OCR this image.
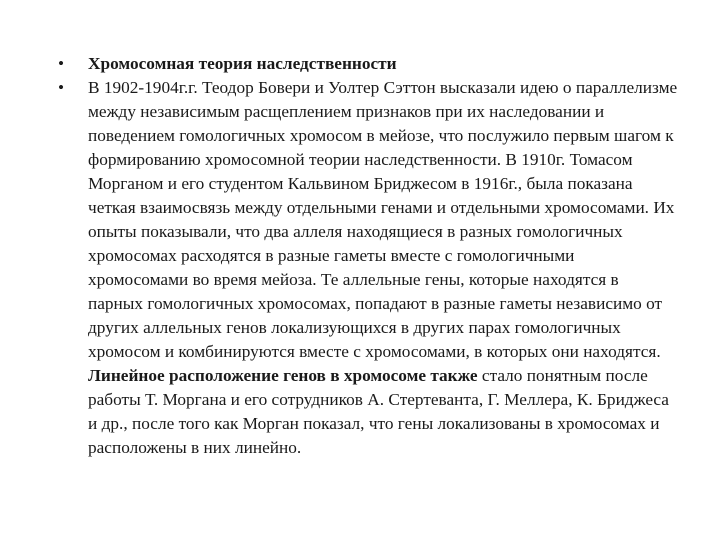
•	Хромосомная теория наследственности
•	В 1902-1904г.г. Теодор Бовери и Уолтер Сэттон высказали идею о параллелизме между независимым расщеплением признаков при их наследовании и поведением гомологичных хромосом в мейозе, что послужило первым шагом к формированию хромосомной теории наследственности. В 1910г. Томасом Морганом и его студентом Кальвином Бриджесом в 1916г., была показана четкая взаимосвязь между отдельными генами и отдельными хромосомами. Их опыты показывали, что два аллеля находящиеся в разных гомологичных хромосомах расходятся в разные гаметы вместе с гомологичными хромосомами во время мейоза. Те аллельные гены, которые находятся в парных гомологичных хромосомах, попадают в разные гаметы независимо от других аллельных генов локализующихся в других парах гомологичных хромосом и комбинируются вместе с хромосомами, в которых они находятся. Линейное расположение генов в хромосоме также стало понятным после работы Т. Моргана и его сотрудников А. Стертеванта, Г. Меллера, К. Бриджеса и др., после того как Морган показал, что гены локализованы в хромосомах и расположены в них линейно.
